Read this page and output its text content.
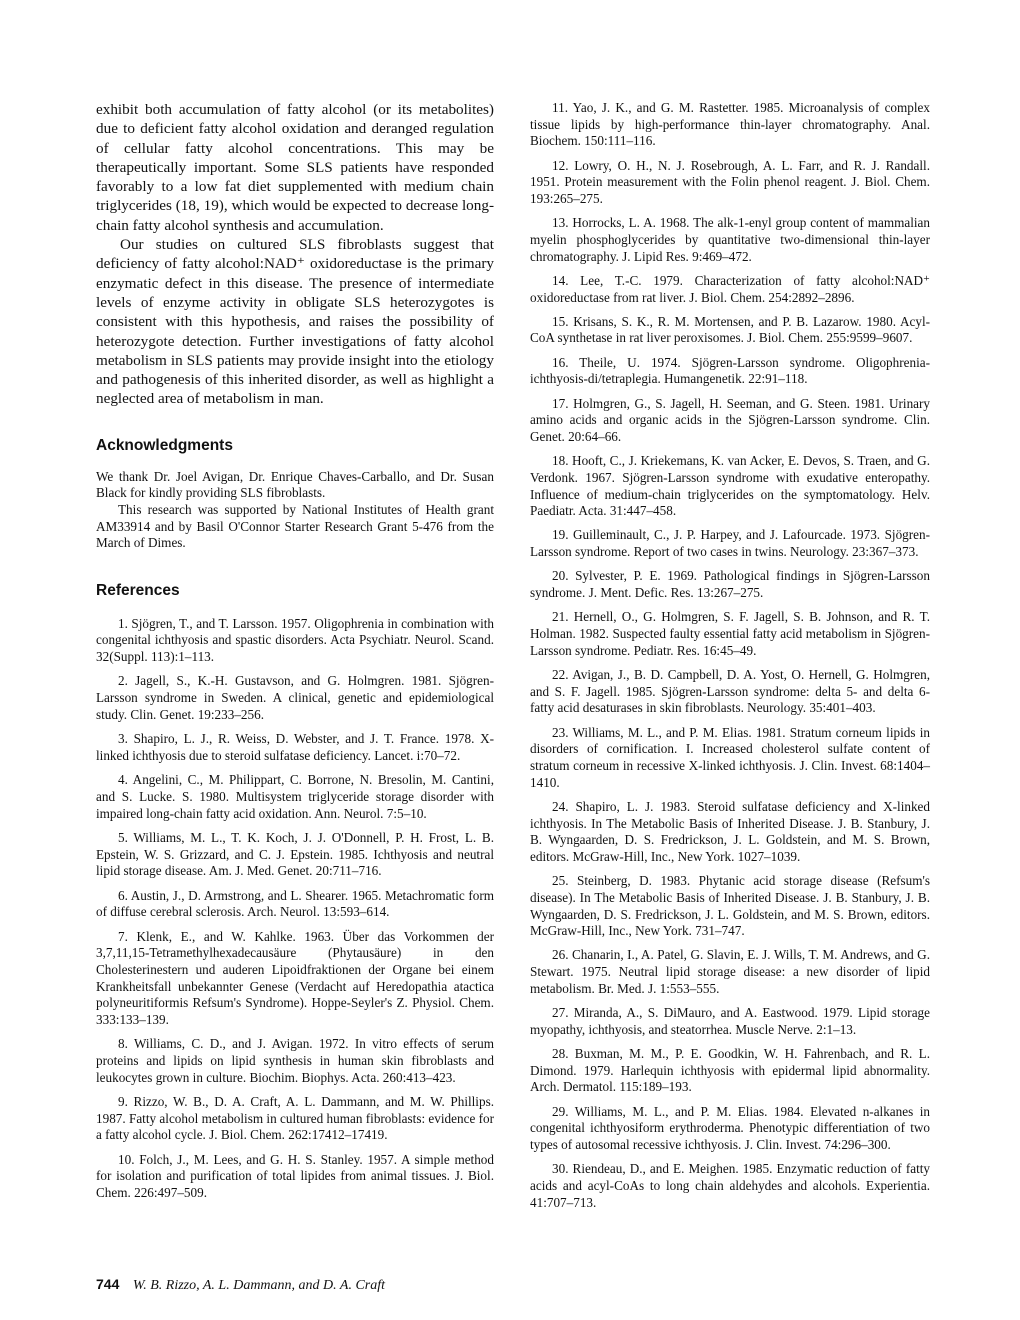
exhibit both accumulation of fatty alcohol (or its metabolites) due to deficient fatty alcohol oxidation and deranged regulation of cellular fatty alcohol concentrations. This may be therapeutically important. Some SLS patients have responded favorably to a low fat diet supplemented with medium chain triglycerides (18, 19), which would be expected to decrease long-chain fatty alcohol synthesis and accumulation.

Our studies on cultured SLS fibroblasts suggest that deficiency of fatty alcohol:NAD⁺ oxidoreductase is the primary enzymatic defect in this disease. The presence of intermediate levels of enzyme activity in obligate SLS heterozygotes is consistent with this hypothesis, and raises the possibility of heterozygote detection. Further investigations of fatty alcohol metabolism in SLS patients may provide insight into the etiology and pathogenesis of this inherited disorder, as well as highlight a neglected area of metabolism in man.

Acknowledgments

We thank Dr. Joel Avigan, Dr. Enrique Chaves-Carballo, and Dr. Susan Black for kindly providing SLS fibroblasts.

This research was supported by National Institutes of Health grant AM33914 and by Basil O'Connor Starter Research Grant 5-476 from the March of Dimes.

References

1. Sjögren, T., and T. Larsson. 1957. Oligophrenia in combination with congenital ichthyosis and spastic disorders. Acta Psychiatr. Neurol. Scand. 32(Suppl. 113):1–113.

2. Jagell, S., K.-H. Gustavson, and G. Holmgren. 1981. Sjögren-Larsson syndrome in Sweden. A clinical, genetic and epidemiological study. Clin. Genet. 19:233–256.

3. Shapiro, L. J., R. Weiss, D. Webster, and J. T. France. 1978. X-linked ichthyosis due to steroid sulfatase deficiency. Lancet. i:70–72.

4. Angelini, C., M. Philippart, C. Borrone, N. Bresolin, M. Cantini, and S. Lucke. S. 1980. Multisystem triglyceride storage disorder with impaired long-chain fatty acid oxidation. Ann. Neurol. 7:5–10.

5. Williams, M. L., T. K. Koch, J. J. O'Donnell, P. H. Frost, L. B. Epstein, W. S. Grizzard, and C. J. Epstein. 1985. Ichthyosis and neutral lipid storage disease. Am. J. Med. Genet. 20:711–716.

6. Austin, J., D. Armstrong, and L. Shearer. 1965. Metachromatic form of diffuse cerebral sclerosis. Arch. Neurol. 13:593–614.

7. Klenk, E., and W. Kahlke. 1963. Über das Vorkommen der 3,7,11,15-Tetramethylhexadecausäure (Phytausäure) in den Cholesterinestern und auderen Lipoidfraktionen der Organe bei einem Krankheitsfall unbekannter Genese (Verdacht auf Heredopathia atactica polyneuritiformis Refsum's Syndrome). Hoppe-Seyler's Z. Physiol. Chem. 333:133–139.

8. Williams, C. D., and J. Avigan. 1972. In vitro effects of serum proteins and lipids on lipid synthesis in human skin fibroblasts and leukocytes grown in culture. Biochim. Biophys. Acta. 260:413–423.

9. Rizzo, W. B., D. A. Craft, A. L. Dammann, and M. W. Phillips. 1987. Fatty alcohol metabolism in cultured human fibroblasts: evidence for a fatty alcohol cycle. J. Biol. Chem. 262:17412–17419.

10. Folch, J., M. Lees, and G. H. S. Stanley. 1957. A simple method for isolation and purification of total lipides from animal tissues. J. Biol. Chem. 226:497–509.

11. Yao, J. K., and G. M. Rastetter. 1985. Microanalysis of complex tissue lipids by high-performance thin-layer chromatography. Anal. Biochem. 150:111–116.

12. Lowry, O. H., N. J. Rosebrough, A. L. Farr, and R. J. Randall. 1951. Protein measurement with the Folin phenol reagent. J. Biol. Chem. 193:265–275.

13. Horrocks, L. A. 1968. The alk-1-enyl group content of mammalian myelin phosphoglycerides by quantitative two-dimensional thin-layer chromatography. J. Lipid Res. 9:469–472.

14. Lee, T.-C. 1979. Characterization of fatty alcohol:NAD⁺ oxidoreductase from rat liver. J. Biol. Chem. 254:2892–2896.

15. Krisans, S. K., R. M. Mortensen, and P. B. Lazarow. 1980. Acyl-CoA synthetase in rat liver peroxisomes. J. Biol. Chem. 255:9599–9607.

16. Theile, U. 1974. Sjögren-Larsson syndrome. Oligophrenia-ichthyosis-di/tetraplegia. Humangenetik. 22:91–118.

17. Holmgren, G., S. Jagell, H. Seeman, and G. Steen. 1981. Urinary amino acids and organic acids in the Sjögren-Larsson syndrome. Clin. Genet. 20:64–66.

18. Hooft, C., J. Kriekemans, K. van Acker, E. Devos, S. Traen, and G. Verdonk. 1967. Sjögren-Larsson syndrome with exudative enteropathy. Influence of medium-chain triglycerides on the symptomatology. Helv. Paediatr. Acta. 31:447–458.

19. Guilleminault, C., J. P. Harpey, and J. Lafourcade. 1973. Sjögren-Larsson syndrome. Report of two cases in twins. Neurology. 23:367–373.

20. Sylvester, P. E. 1969. Pathological findings in Sjögren-Larsson syndrome. J. Ment. Defic. Res. 13:267–275.

21. Hernell, O., G. Holmgren, S. F. Jagell, S. B. Johnson, and R. T. Holman. 1982. Suspected faulty essential fatty acid metabolism in Sjögren-Larsson syndrome. Pediatr. Res. 16:45–49.

22. Avigan, J., B. D. Campbell, D. A. Yost, O. Hernell, G. Holmgren, and S. F. Jagell. 1985. Sjögren-Larsson syndrome: delta 5- and delta 6- fatty acid desaturases in skin fibroblasts. Neurology. 35:401–403.

23. Williams, M. L., and P. M. Elias. 1981. Stratum corneum lipids in disorders of cornification. I. Increased cholesterol sulfate content of stratum corneum in recessive X-linked ichthyosis. J. Clin. Invest. 68:1404–1410.

24. Shapiro, L. J. 1983. Steroid sulfatase deficiency and X-linked ichthyosis. In The Metabolic Basis of Inherited Disease. J. B. Stanbury, J. B. Wyngaarden, D. S. Fredrickson, J. L. Goldstein, and M. S. Brown, editors. McGraw-Hill, Inc., New York. 1027–1039.

25. Steinberg, D. 1983. Phytanic acid storage disease (Refsum's disease). In The Metabolic Basis of Inherited Disease. J. B. Stanbury, J. B. Wyngaarden, D. S. Fredrickson, J. L. Goldstein, and M. S. Brown, editors. McGraw-Hill, Inc., New York. 731–747.

26. Chanarin, I., A. Patel, G. Slavin, E. J. Wills, T. M. Andrews, and G. Stewart. 1975. Neutral lipid storage disease: a new disorder of lipid metabolism. Br. Med. J. 1:553–555.

27. Miranda, A., S. DiMauro, and A. Eastwood. 1979. Lipid storage myopathy, ichthyosis, and steatorrhea. Muscle Nerve. 2:1–13.

28. Buxman, M. M., P. E. Goodkin, W. H. Fahrenbach, and R. L. Dimond. 1979. Harlequin ichthyosis with epidermal lipid abnormality. Arch. Dermatol. 115:189–193.

29. Williams, M. L., and P. M. Elias. 1984. Elevated n-alkanes in congenital ichthyosiform erythroderma. Phenotypic differentiation of two types of autosomal recessive ichthyosis. J. Clin. Invest. 74:296–300.

30. Riendeau, D., and E. Meighen. 1985. Enzymatic reduction of fatty acids and acyl-CoAs to long chain aldehydes and alcohols. Experientia. 41:707–713.

744 W. B. Rizzo, A. L. Dammann, and D. A. Craft
